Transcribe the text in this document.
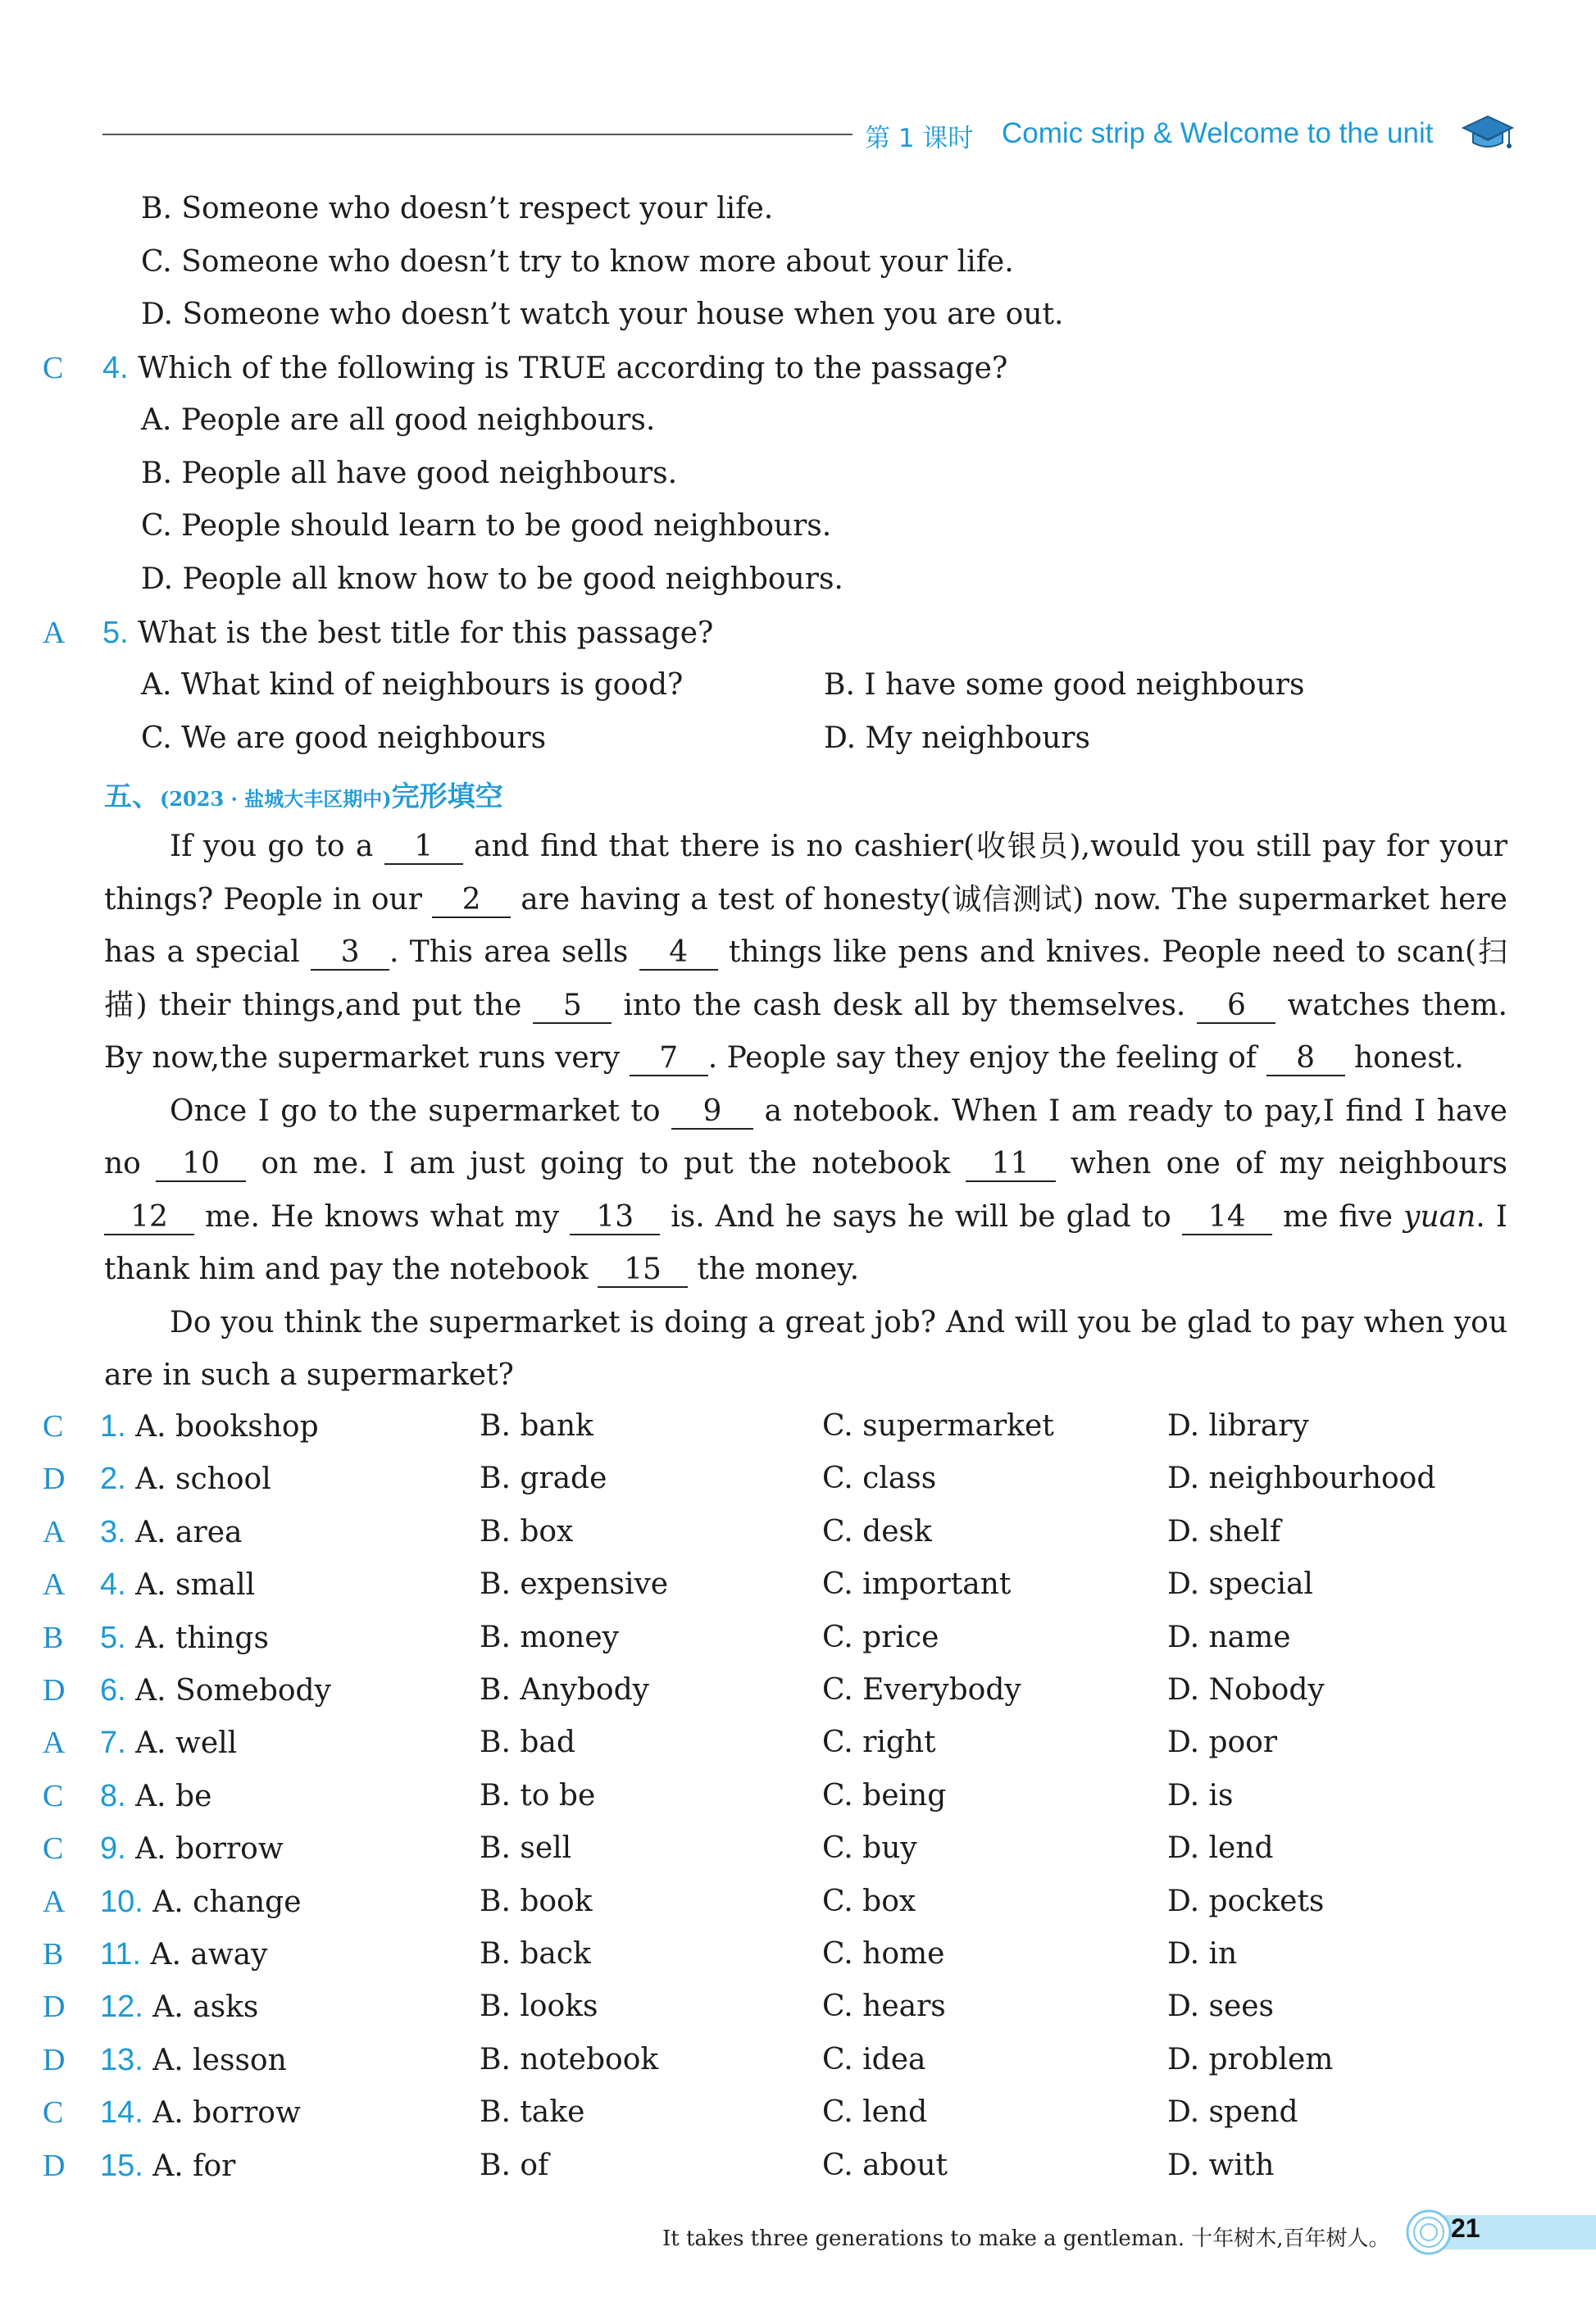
第 1 课时 Comic strip & Welcome to the unit
B. Someone who doesn’t respect your life.
C. Someone who doesn’t try to know more about your life.
D. Someone who doesn’t watch your house when you are out.
C 4. Which of the following is TRUE according to the passage?
A. People are all good neighbours.
B. People all have good neighbours.
C. People should learn to be good neighbours.
D. People all know how to be good neighbours.
A 5. What is the best title for this passage?
A. What kind of neighbours is good?	B. I have some good neighbours
C. We are good neighbours	D. My neighbours
五、(2023 · 盐城大丰区期中)完形填空

If you go to a 1 and find that there is no cashier(收银员),would you still pay for your things? People in our 2 are having a test of honesty(诚信测试) now. The supermarket here has a special 3 . This area sells 4 things like pens and knives. People need to scan(扫描) their things,and put the 5 into the cash desk all by themselves. 6 watches them. By now,the supermarket runs very 7 . People say they enjoy the feeling of 8 honest.

Once I go to the supermarket to 9 a notebook. When I am ready to pay,I find I have no 10 on me. I am just going to put the notebook 11 when one of my neighbours 12 me. He knows what my 13 is. And he says he will be glad to 14 me five yuan. I thank him and pay the notebook 15 the money.

Do you think the supermarket is doing a great job? And will you be glad to pay when you are in such a supermarket?

C 1. A. bookshop	B. bank	C. supermarket	D. library
D 2. A. school	B. grade	C. class	D. neighbourhood
A 3. A. area	B. box	C. desk	D. shelf
A 4. A. small	B. expensive	C. important	D. special
B 5. A. things	B. money	C. price	D. name
D 6. A. Somebody	B. Anybody	C. Everybody	D. Nobody
A 7. A. well	B. bad	C. right	D. poor
C 8. A. be	B. to be	C. being	D. is
C 9. A. borrow	B. sell	C. buy	D. lend
A 10. A. change	B. book	C. box	D. pockets
B 11. A. away	B. back	C. home	D. in
D 12. A. asks	B. looks	C. hears	D. sees
D 13. A. lesson	B. notebook	C. idea	D. problem
C 14. A. borrow	B. take	C. lend	D. spend
D 15. A. for	B. of	C. about	D. with
It takes three generations to make a gentleman. 十年树木,百年树人。 21
